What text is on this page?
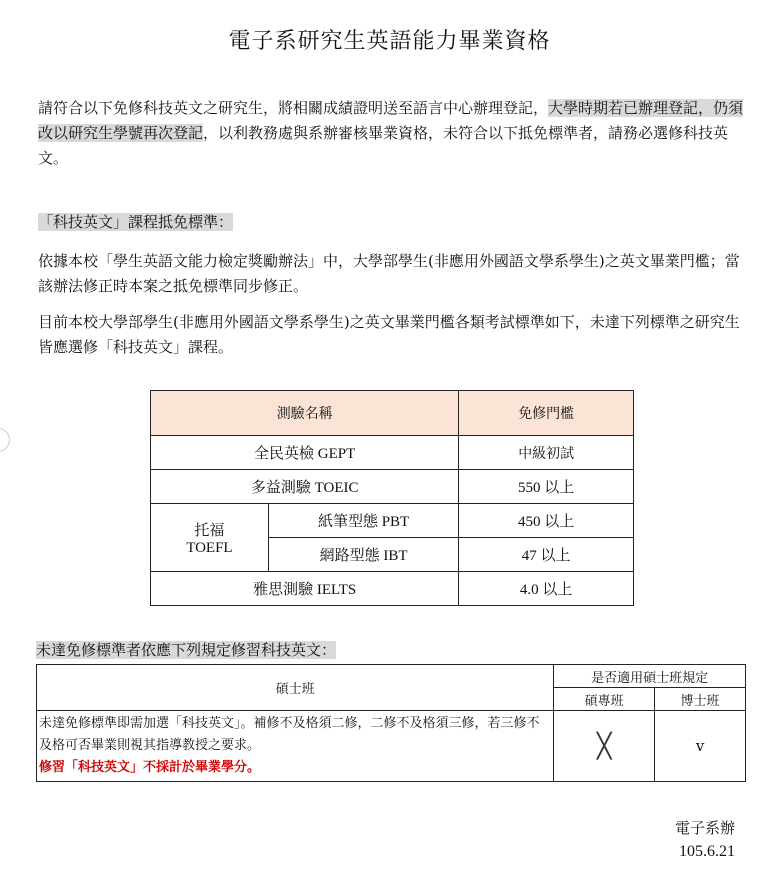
電子系研究生英語能力畢業資格
請符合以下免修科技英文之研究生，將相關成績證明送至語言中心辦理登記，大學時期若已辦理登記，仍須改以研究生學號再次登記，以利教務處與系辦審核畢業資格，未符合以下抵免標準者，請務必選修科技英文。
「科技英文」課程抵免標準：
依據本校「學生英語文能力檢定獎勵辦法」中，大學部學生(非應用外國語文學系學生)之英文畢業門檻；當該辦法修正時本案之抵免標準同步修正。
目前本校大學部學生(非應用外國語文學系學生)之英文畢業門檻各類考試標準如下，未達下列標準之研究生皆應選修「科技英文」課程。
測驗名稱		免修門檻
全民英檢 GEPT		中級初試
多益測驗 TOEIC		550 以上

托福
TOEFL	紙筆型態 PBT	450 以上
	網路型態 IBT	47 以上
雅思測驗 IELTS		4.0 以上
未達免修標準者依應下列規定修習科技英文：
碩士班	是否適用碩士班規定	
	碩專班	博士班

未達免修標準即需加選「科技英文」。補修不及格須二修，二修不及格須三修，若三修不及格可否畢業則視其指導教授之要求。
修習「科技英文」不採計於畢業學分。	╳	v
電子系辦
105.6.21
